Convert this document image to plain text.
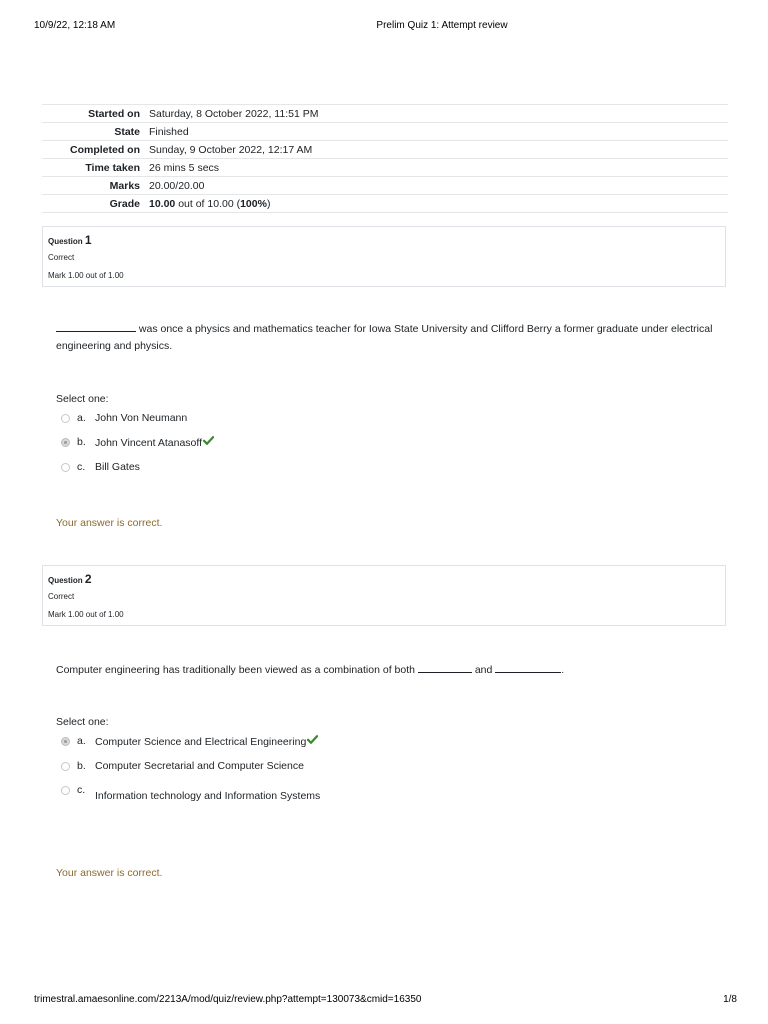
10/9/22, 12:18 AM	Prelim Quiz 1: Attempt review
Started on	Saturday, 8 October 2022, 11:51 PM
State	Finished
Completed on	Sunday, 9 October 2022, 12:17 AM
Time taken	26 mins 5 secs
Marks	20.00/20.00
Grade	10.00 out of 10.00 (100%)
Question 1
Correct
Mark 1.00 out of 1.00
was once a physics and mathematics teacher for Iowa State University and Clifford Berry a former graduate under electrical engineering and physics.
Select one:
a. John Von Neumann
b. John Vincent Atanasoff
c. Bill Gates
Your answer is correct.
Question 2
Correct
Mark 1.00 out of 1.00
Computer engineering has traditionally been viewed as a combination of both	and	.
Select one:
a. Computer Science and Electrical Engineering
b. Computer Secretarial and Computer Science
c. Information technology and Information Systems
Your answer is correct.
trimestral.amaesonline.com/2213A/mod/quiz/review.php?attempt=130073&cmid=16350	1/8
